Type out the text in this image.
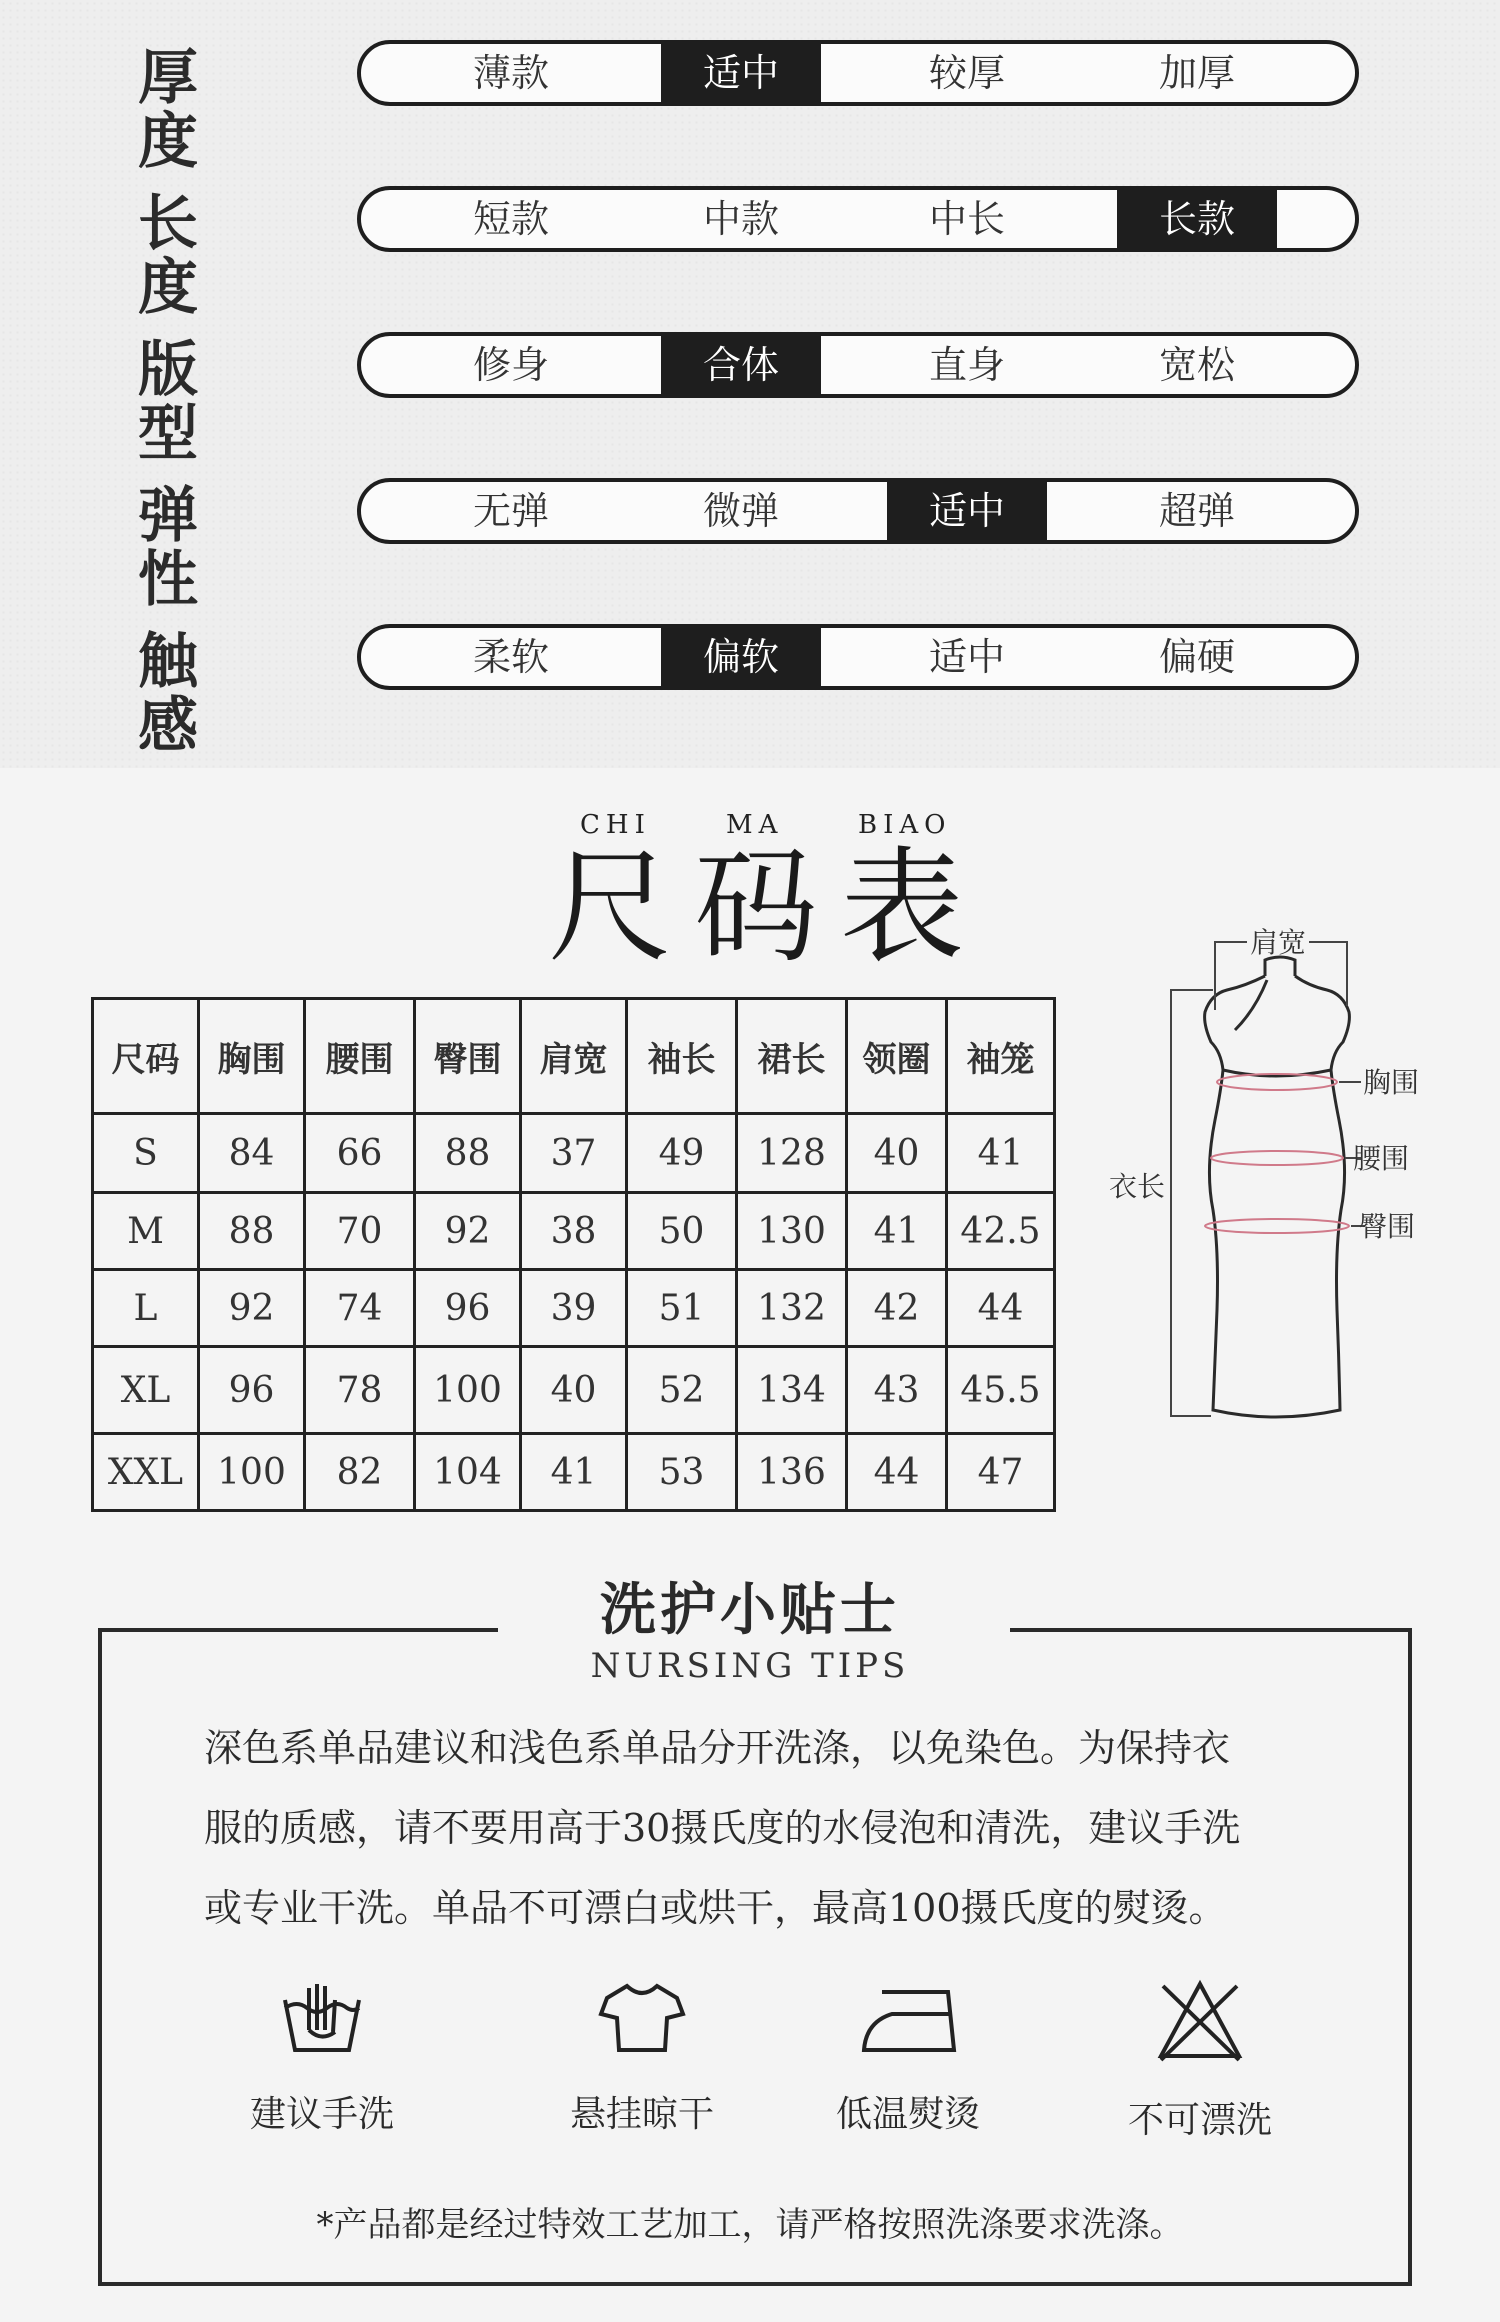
厚度
薄款	适中	较厚	加厚
长度
短款	中款	中长	长款
版型
修身	合体	直身	宽松
弹性
无弹	微弹	适中	超弹
触感
柔软	偏软	适中	偏硬
CHI	MA	BIAO
尺码表
尺码	胸围	腰围	臀围	肩宽	袖长	裙长	领圈	袖笼
S	84	66	88	37	49	128	40	41
M	88	70	92	38	50	130	41	42.5
L	92	74	96	39	51	132	42	44
XL	96	78	100	40	52	134	43	45.5
XXL	100	82	104	41	53	136	44	47
肩宽
胸围
腰围
臀围
衣长
洗护小贴士
NURSING TIPS
深色系单品建议和浅色系单品分开洗涤，以免染色。为保持衣
服的质感，请不要用高于30摄氏度的水侵泡和清洗，建议手洗
或专业干洗。单品不可漂白或烘干，最高100摄氏度的熨烫。
建议手洗	悬挂晾干	低温熨烫	不可漂洗
*产品都是经过特效工艺加工，请严格按照洗涤要求洗涤。
